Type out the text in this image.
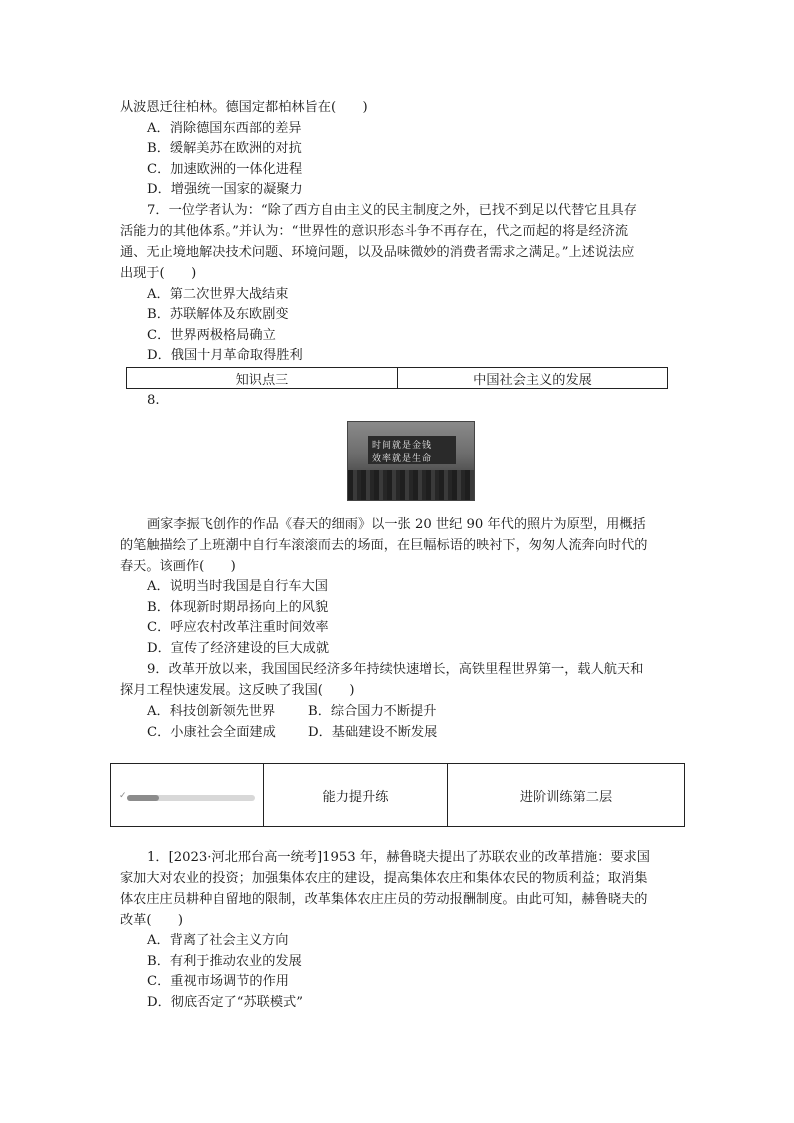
从波恩迁往柏林。德国定都柏林旨在(　　)
A．消除德国东西部的差异
B．缓解美苏在欧洲的对抗
C．加速欧洲的一体化进程
D．增强统一国家的凝聚力
7．一位学者认为：“除了西方自由主义的民主制度之外，已找不到足以代替它且具存
活能力的其他体系。”并认为：“世界性的意识形态斗争不再存在，代之而起的将是经济流
通、无止境地解决技术问题、环境问题，以及品味微妙的消费者需求之满足。”上述说法应
出现于(　　)
A．第二次世界大战结束
B．苏联解体及东欧剧变
C．世界两极格局确立
D．俄国十月革命取得胜利
知识点三	中国社会主义的发展
8.
时间就是金钱
效率就是生命
画家李振飞创作的作品《春天的细雨》以一张 20 世纪 90 年代的照片为原型，用概括
的笔触描绘了上班潮中自行车滚滚而去的场面，在巨幅标语的映衬下，匆匆人流奔向时代的
春天。该画作(　　)
A．说明当时我国是自行车大国
B．体现新时期昂扬向上的风貌
C．呼应农村改革注重时间效率
D．宣传了经济建设的巨大成就
9．改革开放以来，我国国民经济多年持续快速增长，高铁里程世界第一，载人航天和
探月工程快速发展。这反映了我国(　　)
A．科技创新领先世界 B．综合国力不断提升
C．小康社会全面建成 D．基础建设不断发展
✓	能力提升练	进阶训练第二层
1．[2023·河北邢台高一统考]1953 年，赫鲁晓夫提出了苏联农业的改革措施：要求国
家加大对农业的投资；加强集体农庄的建设，提高集体农庄和集体农民的物质利益；取消集
体农庄庄员耕种自留地的限制，改革集体农庄庄员的劳动报酬制度。由此可知，赫鲁晓夫的
改革(　　)
A．背离了社会主义方向
B．有利于推动农业的发展
C．重视市场调节的作用
D．彻底否定了“苏联模式”
